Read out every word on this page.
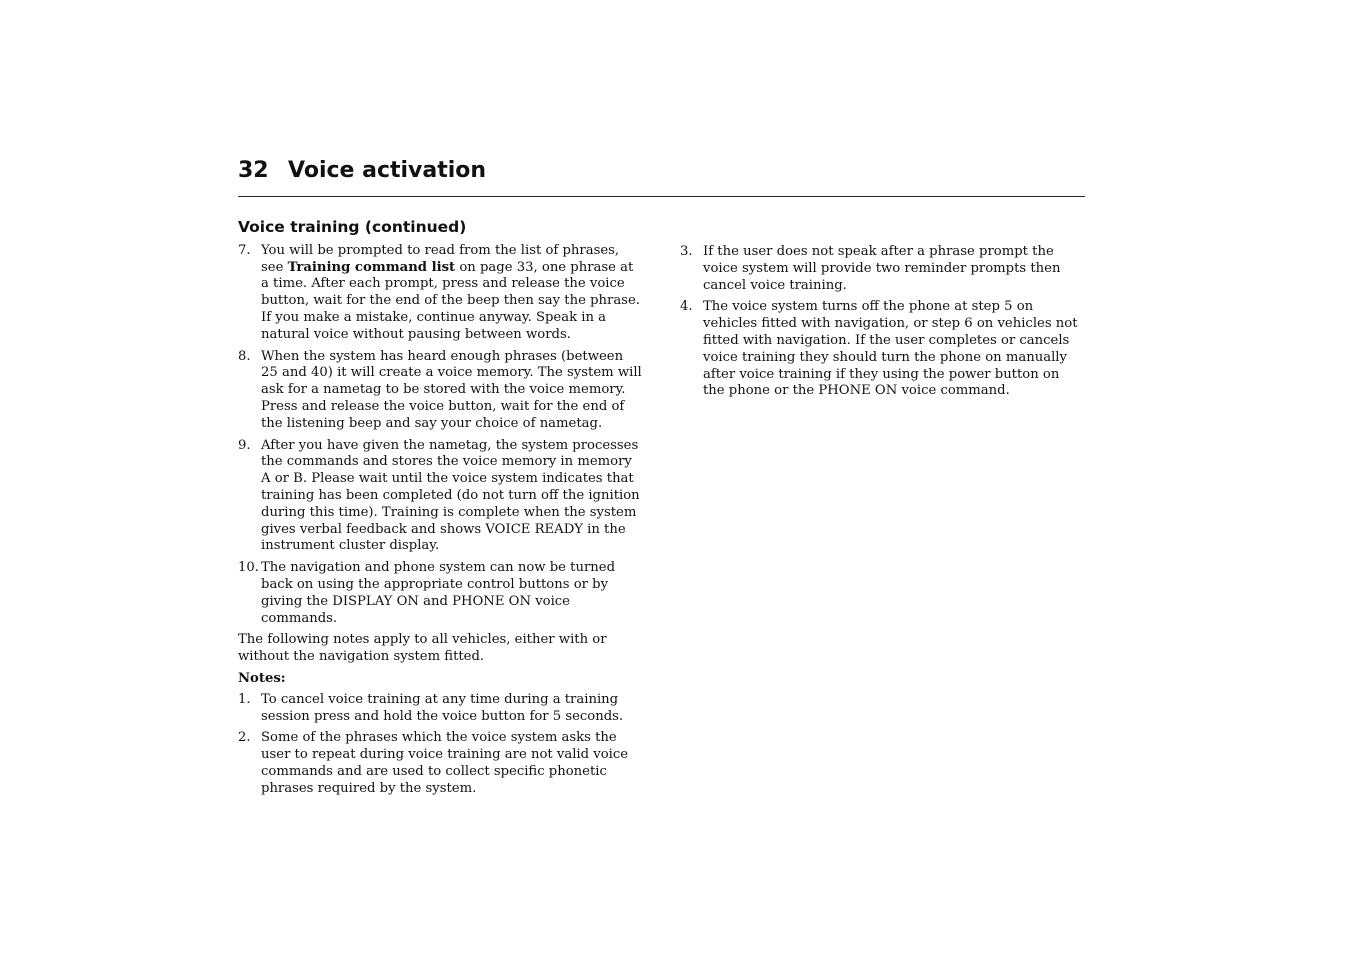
32 Voice activation
Voice training (continued)
7. You will be prompted to read from the list of phrases, see Training command list on page 33, one phrase at a time. After each prompt, press and release the voice button, wait for the end of the beep then say the phrase. If you make a mistake, continue anyway. Speak in a natural voice without pausing between words.
8. When the system has heard enough phrases (between 25 and 40) it will create a voice memory. The system will ask for a nametag to be stored with the voice memory. Press and release the voice button, wait for the end of the listening beep and say your choice of nametag.
9. After you have given the nametag, the system processes the commands and stores the voice memory in memory A or B. Please wait until the voice system indicates that training has been completed (do not turn off the ignition during this time). Training is complete when the system gives verbal feedback and shows VOICE READY in the instrument cluster display.
10. The navigation and phone system can now be turned back on using the appropriate control buttons or by giving the DISPLAY ON and PHONE ON voice commands.

The following notes apply to all vehicles, either with or without the navigation system fitted.

Notes:
1. To cancel voice training at any time during a training session press and hold the voice button for 5 seconds.
2. Some of the phrases which the voice system asks the user to repeat during voice training are not valid voice commands and are used to collect specific phonetic phrases required by the system.
3. If the user does not speak after a phrase prompt the voice system will provide two reminder prompts then cancel voice training.
4. The voice system turns off the phone at step 5 on vehicles fitted with navigation, or step 6 on vehicles not fitted with navigation. If the user completes or cancels voice training they should turn the phone on manually after voice training if they using the power button on the phone or the PHONE ON voice command.
